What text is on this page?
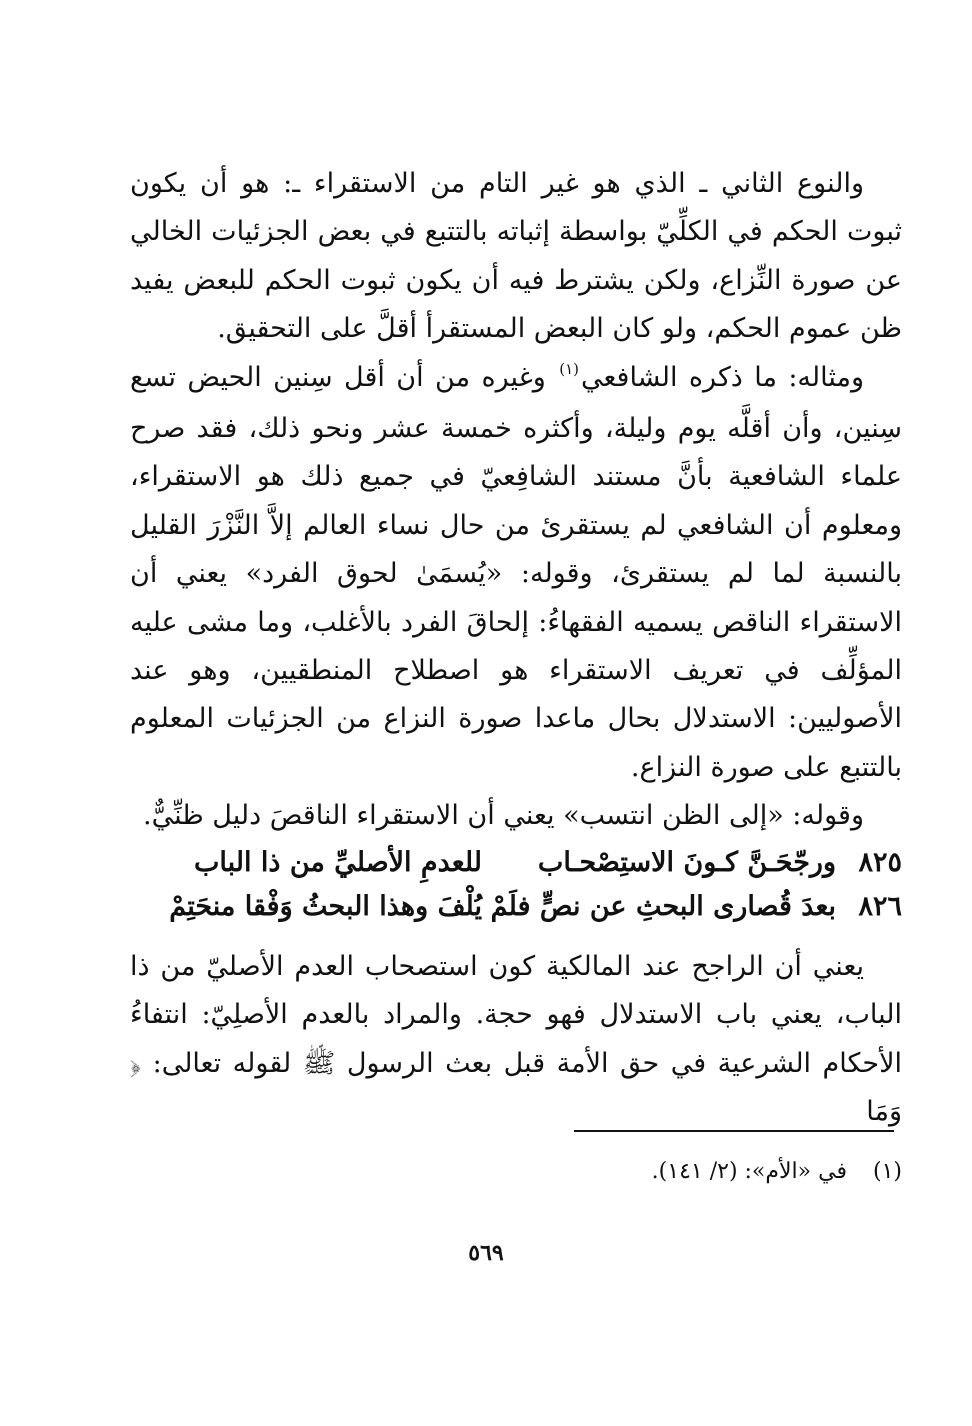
والنوع الثاني ـ الذي هو غير التام من الاستقراء ـ: هو أن يكون ثبوت الحكم في الكلِّيّ بواسطة إثباته بالتتبع في بعض الجزئيات الخالي عن صورة النِّزاع، ولكن يشترط فيه أن يكون ثبوت الحكم للبعض يفيد ظن عموم الحكم، ولو كان البعض المستقرأ أقلَّ على التحقيق.

ومثاله: ما ذكره الشافعي$^{(١)}$ وغيره من أن أقل سِنين الحيض تسع سِنين، وأن أقلَّه يوم وليلة، وأكثره خمسة عشر ونحو ذلك، فقد صرح علماء الشافعية بأنَّ مستند الشافِعيّ في جميع ذلك هو الاستقراء، ومعلوم أن الشافعي لم يستقرئ من حال نساء العالم إلاَّ النَّزْرَ القليل بالنسبة لما لم يستقرئ، وقوله: «يُسمَىٰ لحوق الفرد» يعني أن الاستقراء الناقص يسميه الفقهاءُ: إلحاقَ الفرد بالأغلب، وما مشى عليه المؤلِّف في تعريف الاستقراء هو اصطلاح المنطقيين، وهو عند الأصوليين: الاستدلال بحال ماعدا صورة النزاع من الجزئيات المعلوم بالتتبع على صورة النزاع.

وقوله: «إلى الظن انتسب» يعني أن الاستقراء الناقصَ دليل ظنِّيٌّ.

٨٢٥
ورجّحَـنَّ كـونَ الاستِصْحـاب
للعدمِ الأصليِّ من ذا الباب
٨٢٦
بعدَ قُصارى البحثِ عن نصٍّ فلَمْ
يُلْفَ وهذا البحثُ وَفْقا منحَتِمْ

يعني أن الراجح عند المالكية كون استصحاب العدم الأصليّ من ذا الباب، يعني باب الاستدلال فهو حجة. والمراد بالعدم الأصلِيّ: انتفاءُ الأحكام الشرعية في حق الأمة قبل بعث الرسول ﷺ لقوله تعالى: ﴿ وَمَا

(١)في «الأم»: (٢/ ١٤١).
٥٦٩
